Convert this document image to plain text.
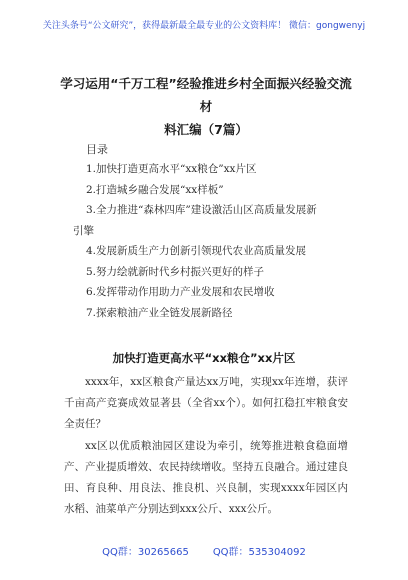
关注头条号“公文研究”，获得最新最全最专业的公文资料库！ 微信：gongwenyj
学习运用“千万工程”经验推进乡村全面振兴经验交流材
料汇编（7篇）
目录
1.加快打造更高水平“xx粮仓”xx片区
2.打造城乡融合发展“xx样板”
3.全力推进“森林四库”建设激活山区高质量发展新
引擎
4.发展新质生产力创新引领现代农业高质量发展
5.努力绘就新时代乡村振兴更好的样子
6.发挥带动作用助力产业发展和农民增收
7.探索粮油产业全链发展新路径
加快打造更高水平“xx粮仓”xx片区

xxxx年，xx区粮食产量达xx万吨，实现xx年连增，获评千亩高产竞赛成效显著县（全省xx个）。如何扛稳扛牢粮食安全责任？

xx区以优质粮油园区建设为牵引，统筹推进粮食稳面增产、产业提质增效、农民持续增收。坚持五良融合。通过建良田、育良种、用良法、推良机、兴良制，实现xxxx年园区内水稻、油菜单产分别达到xxx公斤、xxx公斤。

QQ群：30265665 QQ群：535304092
